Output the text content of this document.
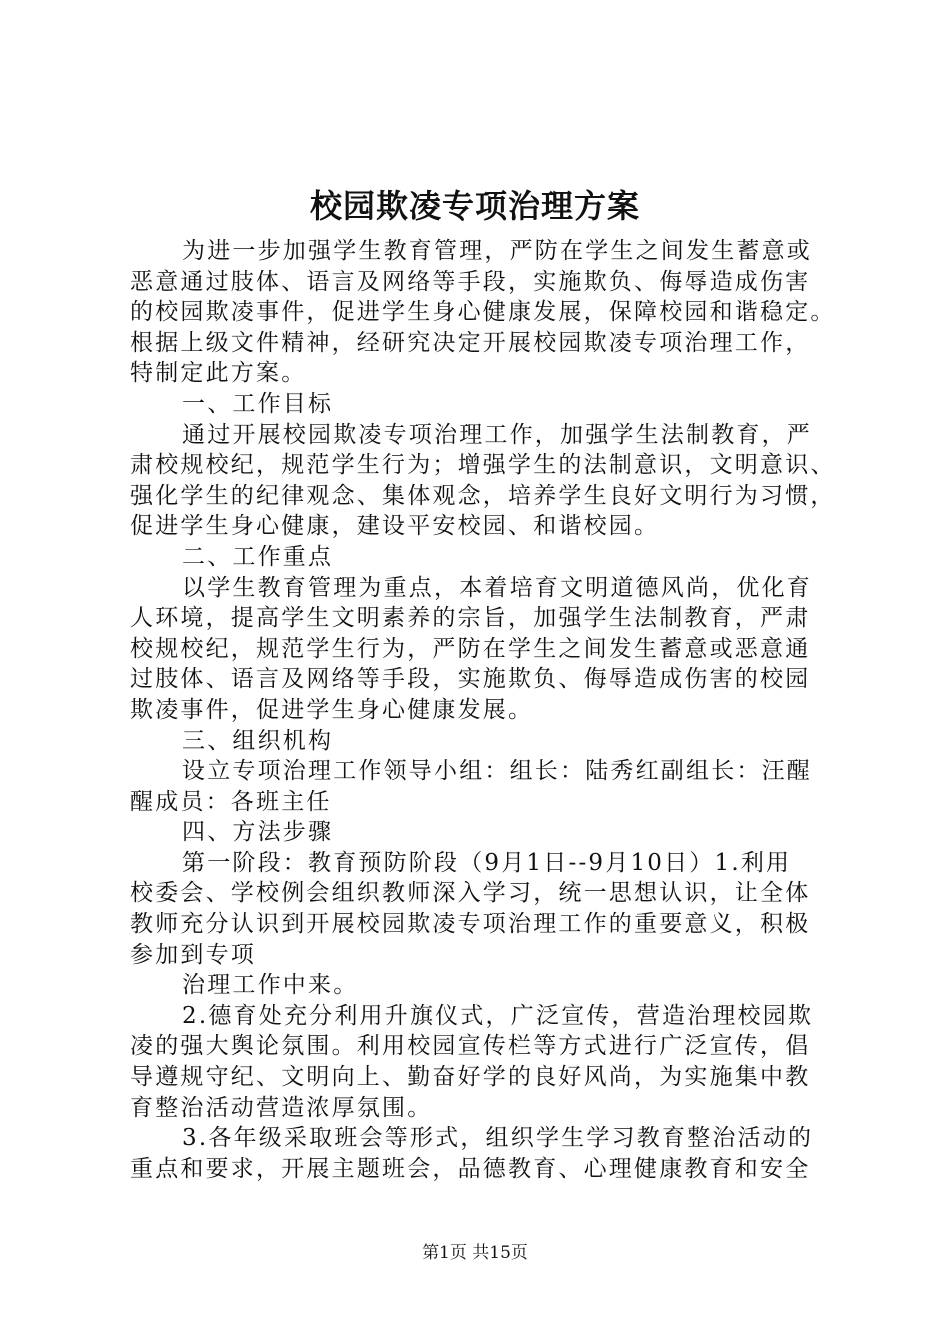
校园欺凌专项治理方案
为进一步加强学生教育管理，严防在学生之间发生蓄意或
恶意通过肢体、语言及网络等手段，实施欺负、侮辱造成伤害
的校园欺凌事件，促进学生身心健康发展，保障校园和谐稳定。
根据上级文件精神，经研究决定开展校园欺凌专项治理工作，
特制定此方案。
一、工作目标
通过开展校园欺凌专项治理工作，加强学生法制教育，严
肃校规校纪，规范学生行为；增强学生的法制意识，文明意识、
强化学生的纪律观念、集体观念，培养学生良好文明行为习惯，
促进学生身心健康，建设平安校园、和谐校园。
二、工作重点
以学生教育管理为重点，本着培育文明道德风尚，优化育
人环境，提高学生文明素养的宗旨，加强学生法制教育，严肃
校规校纪，规范学生行为，严防在学生之间发生蓄意或恶意通
过肢体、语言及网络等手段，实施欺负、侮辱造成伤害的校园
欺凌事件，促进学生身心健康发展。
三、组织机构
设立专项治理工作领导小组：组长：陆秀红副组长：汪醒
醒成员：各班主任
四、方法步骤
第一阶段：教育预防阶段（9月1日--9月10日）1.利用
校委会、学校例会组织教师深入学习，统一思想认识，让全体
教师充分认识到开展校园欺凌专项治理工作的重要意义，积极
参加到专项
治理工作中来。
2.德育处充分利用升旗仪式，广泛宣传，营造治理校园欺
凌的强大舆论氛围。利用校园宣传栏等方式进行广泛宣传，倡
导遵规守纪、文明向上、勤奋好学的良好风尚，为实施集中教
育整治活动营造浓厚氛围。
3.各年级采取班会等形式，组织学生学习教育整治活动的
重点和要求，开展主题班会，品德教育、心理健康教育和安全
第1页 共15页
